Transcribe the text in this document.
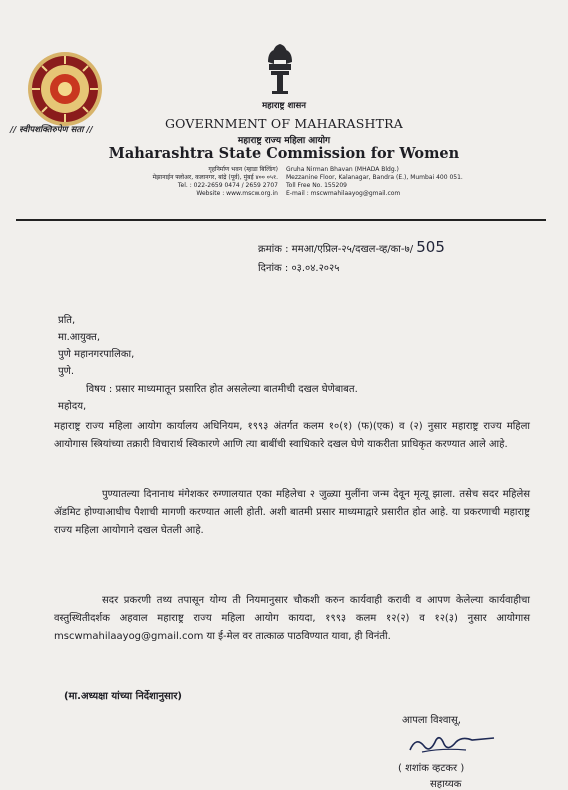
// स्वीपशक्तिरुपेण सता //
महाराष्ट्र शासन
GOVERNMENT OF MAHARASHTRA
महाराष्ट्र राज्य महिला आयोग
Maharashtra State Commission for Women
गृहनिर्माण भवन (म्हाडा बिल्डिंग)
मेझानाईन फ्लोअर, कलानगर, बांद्रे (पूर्व), मुंबई ४०० ०५१.
Tel. : 022-2659 0474 / 2659 2707
Website : www.mscw.org.in
Gruha Nirman Bhavan (MHADA Bldg.)
Mezzanine Floor, Kalanagar, Bandra (E.), Mumbai 400 051.
Toll Free No. 155209
E-mail : mscwmahilaayog@gmail.com
क्रमांक : ममआ/एप्रिल-२५/दखल-व्ह/का-७/ 505
दिनांक : ०३.०४.२०२५
प्रति,
मा.आयुक्त,
पुणे महानगरपालिका,
पुणे.
विषय : प्रसार माध्यमातून प्रसारित होत असलेल्या बातमीची दखल घेणेबाबत.
महोदय,
महाराष्ट्र राज्य महिला आयोग कार्यालय अधिनियम, १९९३ अंतर्गत कलम १०(१) (फ)(एक) व (२) नुसार महाराष्ट्र राज्य महिला आयोगास स्त्रियांच्या तक्रारी विचारार्थ स्विकारणे आणि त्या बाबींची स्वाधिकारे दखल घेणे याकरीता प्राधिकृत करण्यात आले आहे.
पुण्यातल्या दिनानाथ मंगेशकर रुग्णालयात एका महिलेचा २ जुळ्या मुलींना जन्म देवून मृत्यू झाला. तसेच सदर महिलेस ॲडमिट होण्याआधीच पैशाची मागणी करण्यात आली होती. अशी बातमी प्रसार माध्यमाद्वारे प्रसारीत होत आहे. या प्रकरणाची महाराष्ट्र राज्य महिला आयोगाने दखल घेतली आहे.
सदर प्रकरणी तथ्य तपासून योग्य ती नियमानुसार चौकशी करुन कार्यवाही करावी व आपण केलेल्या कार्यवाहीचा वस्तुस्थितीदर्शक अहवाल महाराष्ट्र राज्य महिला आयोग कायदा, १९९३ कलम १२(२) व १२(३) नुसार आयोगास mscwmahilaayog@gmail.com या ई-मेल वर तात्काळ पाठविण्यात यावा, ही विनंती.
(मा.अध्यक्षा यांच्या निर्देशानुसार)
आपला विश्वासू,
( शशांक व्हटकर )
सहाय्यक
